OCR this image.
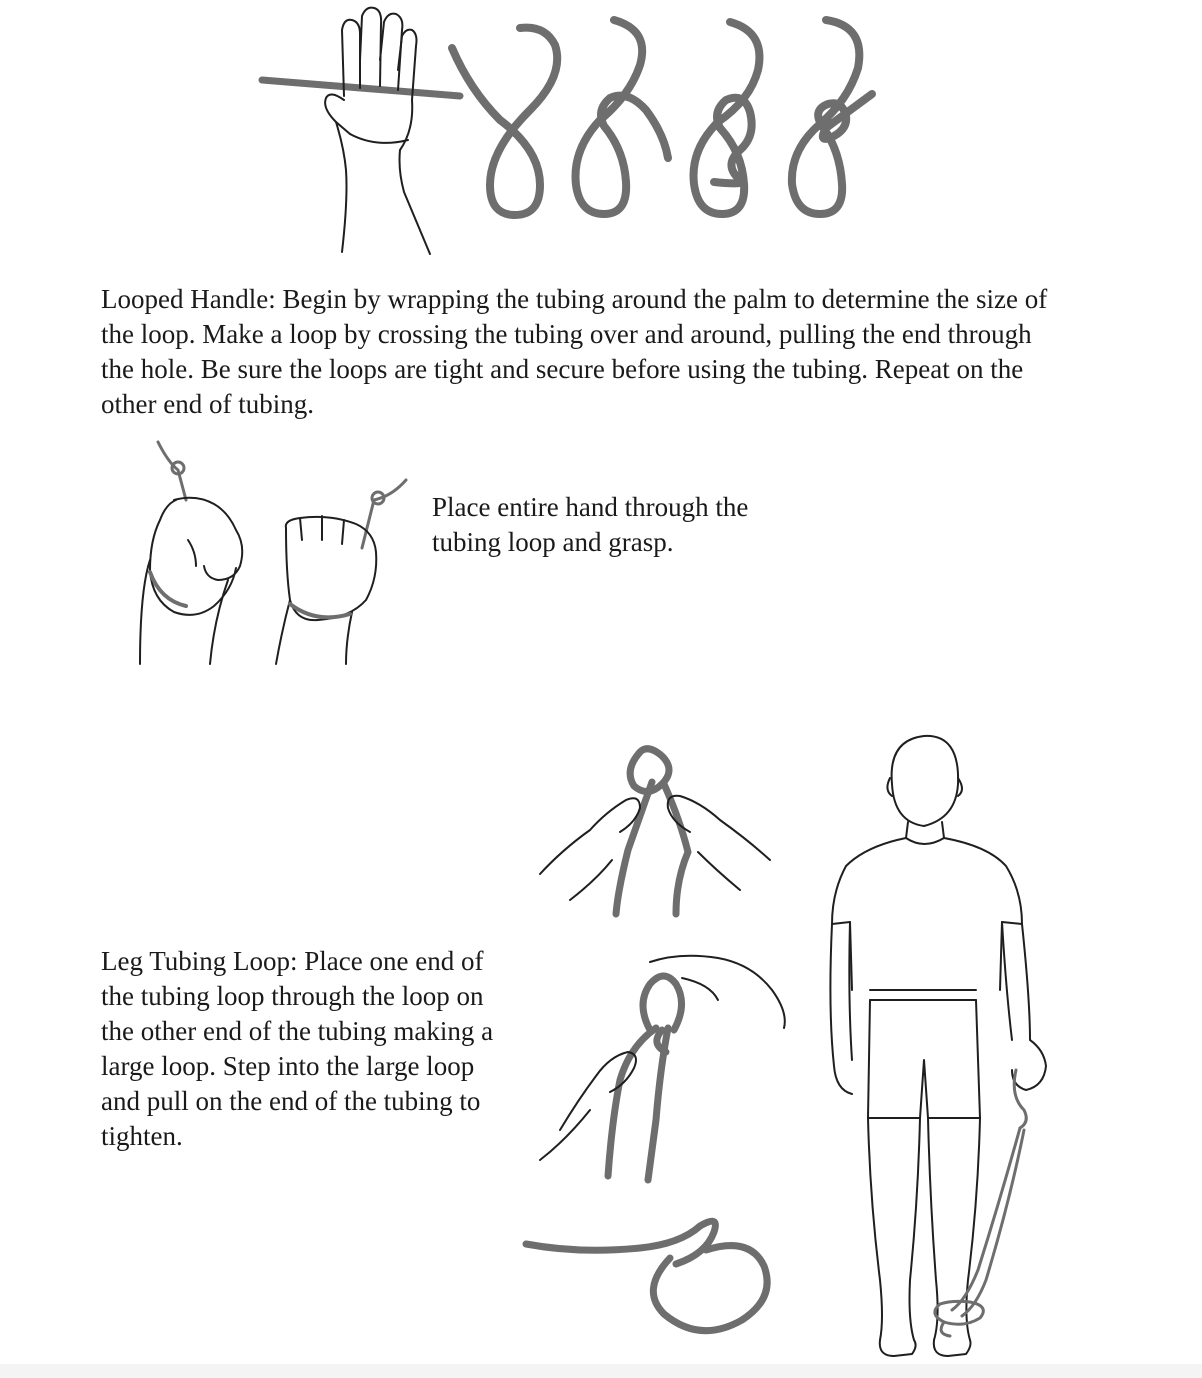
Looped Handle: Begin by wrapping the tubing around the palm to determine the size of the loop. Make a loop by crossing the tubing over and around, pulling the end through the hole. Be sure the loops are tight and secure before using the tubing. Repeat on the other end of tubing.

Place entire hand through the tubing loop and grasp.

Leg Tubing Loop: Place one end of the tubing loop through the loop on the other end of the tubing making a large loop. Step into the large loop and pull on the end of the tubing to tighten.
